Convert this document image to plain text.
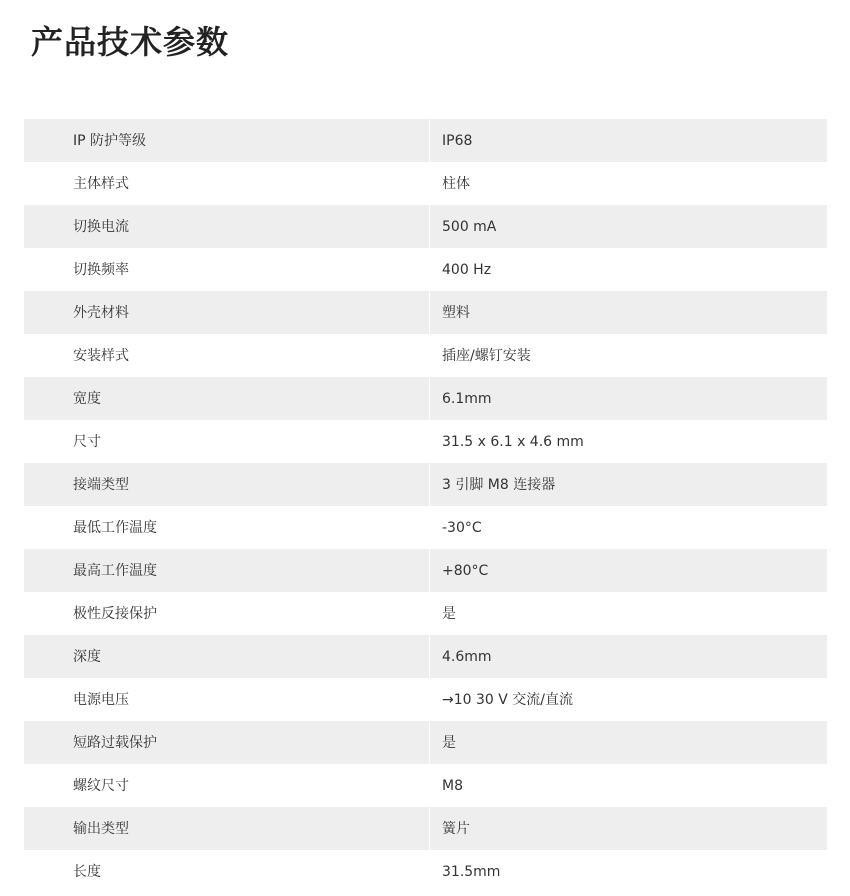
产品技术参数
IP 防护等级	IP68
主体样式	柱体
切换电流	500 mA
切换频率	400 Hz
外壳材料	塑料
安装样式	插座/螺钉安装
宽度	6.1mm
尺寸	31.5 x 6.1 x 4.6 mm
接端类型	3 引脚 M8 连接器
最低工作温度	-30°C
最高工作温度	+80°C
极性反接保护	是
深度	4.6mm
电源电压	→10 30 V 交流/直流
短路过载保护	是
螺纹尺寸	M8
输出类型	簧片
长度	31.5mm
